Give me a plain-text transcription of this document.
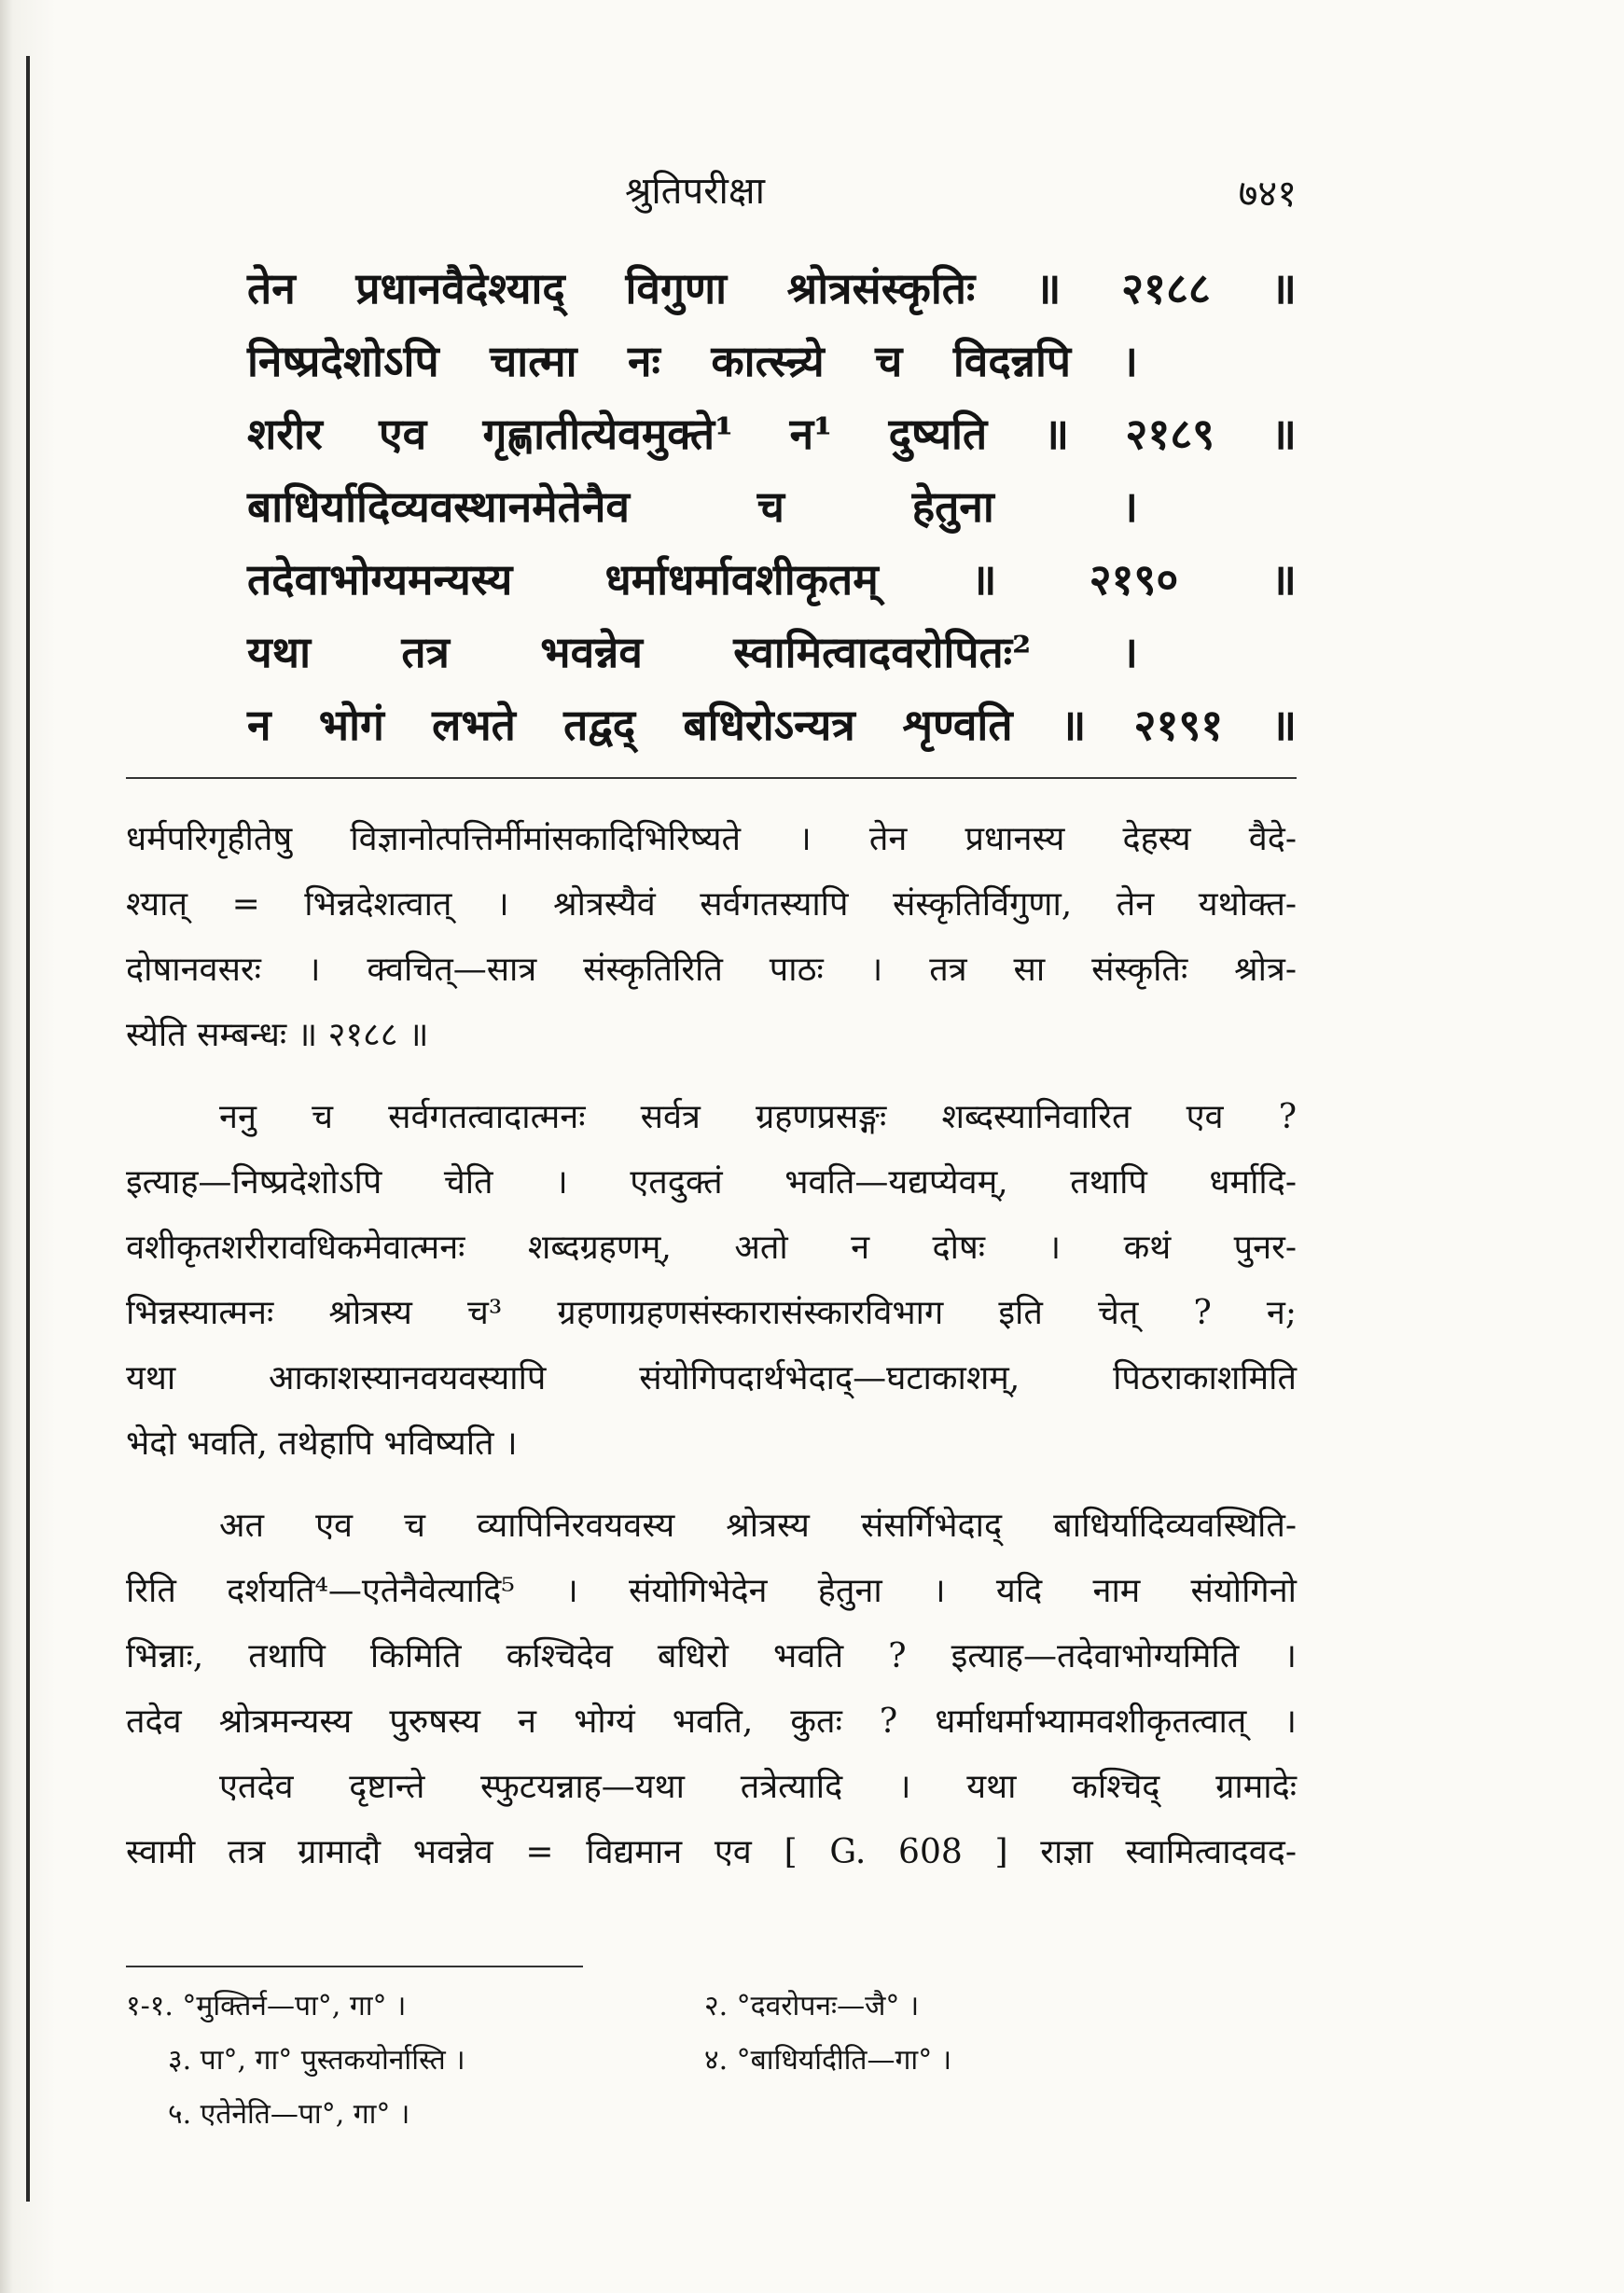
श्रुतिपरीक्षा	७४१
तेन प्रधानवैदेश्याद् विगुणा श्रोत्रसंस्कृतिः ॥ २१८८ ॥
निष्प्रदेशोऽपि चात्मा नः कात्स्न्र्ये च विदन्नपि ।
शरीर एव गृह्णातीत्येवमुक्ते¹ न¹ दुष्यति ॥ २१८९ ॥
बाधिर्यादिव्यवस्थानमेतेनैव च हेतुना ।
तदेवाभोग्यमन्यस्य धर्माधर्मावशीकृतम् ॥ २१९० ॥
यथा तत्र भवन्नेव स्वामित्वादवरोपितः² ।
न भोगं लभते तद्वद् बधिरोऽन्यत्र शृण्वति ॥ २१९१ ॥
धर्मपरिगृहीतेषु विज्ञानोत्पत्तिर्मीमांसकादिभिरिष्यते । तेन प्रधानस्य देहस्य वैदे-
श्यात् = भिन्नदेशत्वात् । श्रोत्रस्यैवं सर्वगतस्यापि संस्कृतिर्विगुणा, तेन यथोक्त-
दोषानवसरः । क्वचित्—सात्र संस्कृतिरिति पाठः । तत्र सा संस्कृतिः श्रोत्र-
स्येति सम्बन्धः ॥ २१८८ ॥
ननु च सर्वगतत्वादात्मनः सर्वत्र ग्रहणप्रसङ्गः शब्दस्यानिवारित एव ?
इत्याह—निष्प्रदेशोऽपि चेति । एतदुक्तं भवति—यद्यप्येवम्, तथापि धर्मादि-
वशीकृतशरीरावधिकमेवात्मनः शब्दग्रहणम्, अतो न दोषः । कथं पुनर-
भिन्नस्यात्मनः श्रोत्रस्य च³ ग्रहणाग्रहणसंस्कारासंस्कारविभाग इति चेत् ? न;
यथा आकाशस्यानवयवस्यापि संयोगिपदार्थभेदाद्—घटाकाशम्, पिठराकाशमिति
भेदो भवति, तथेहापि भविष्यति ।
अत एव च व्यापिनिरवयवस्य श्रोत्रस्य संसर्गिभेदाद् बाधिर्यादिव्यवस्थिति-
रिति दर्शयति⁴—एतेनैवेत्यादि⁵ । संयोगिभेदेन हेतुना । यदि नाम संयोगिनो
भिन्नाः, तथापि किमिति कश्चिदेव बधिरो भवति ? इत्याह—तदेवाभोग्यमिति ।
तदेव श्रोत्रमन्यस्य पुरुषस्य न भोग्यं भवति, कुतः ? धर्माधर्माभ्यामवशीकृतत्वात् ।
एतदेव दृष्टान्ते स्फुटयन्नाह—यथा तत्रेत्यादि । यथा कश्चिद् ग्रामादेः
स्वामी तत्र ग्रामादौ भवन्नेव = विद्यमान एव [ G. 608 ] राज्ञा स्वामित्वादवद-
१-१. °मुक्तिर्न—पा°, गा° ।	२. °दवरोपनः—जै° ।
३. पा°, गा° पुस्तकयोर्नास्ति ।	४. °बाधिर्यादीति—गा° ।
५. एतेनेति—पा°, गा° ।
